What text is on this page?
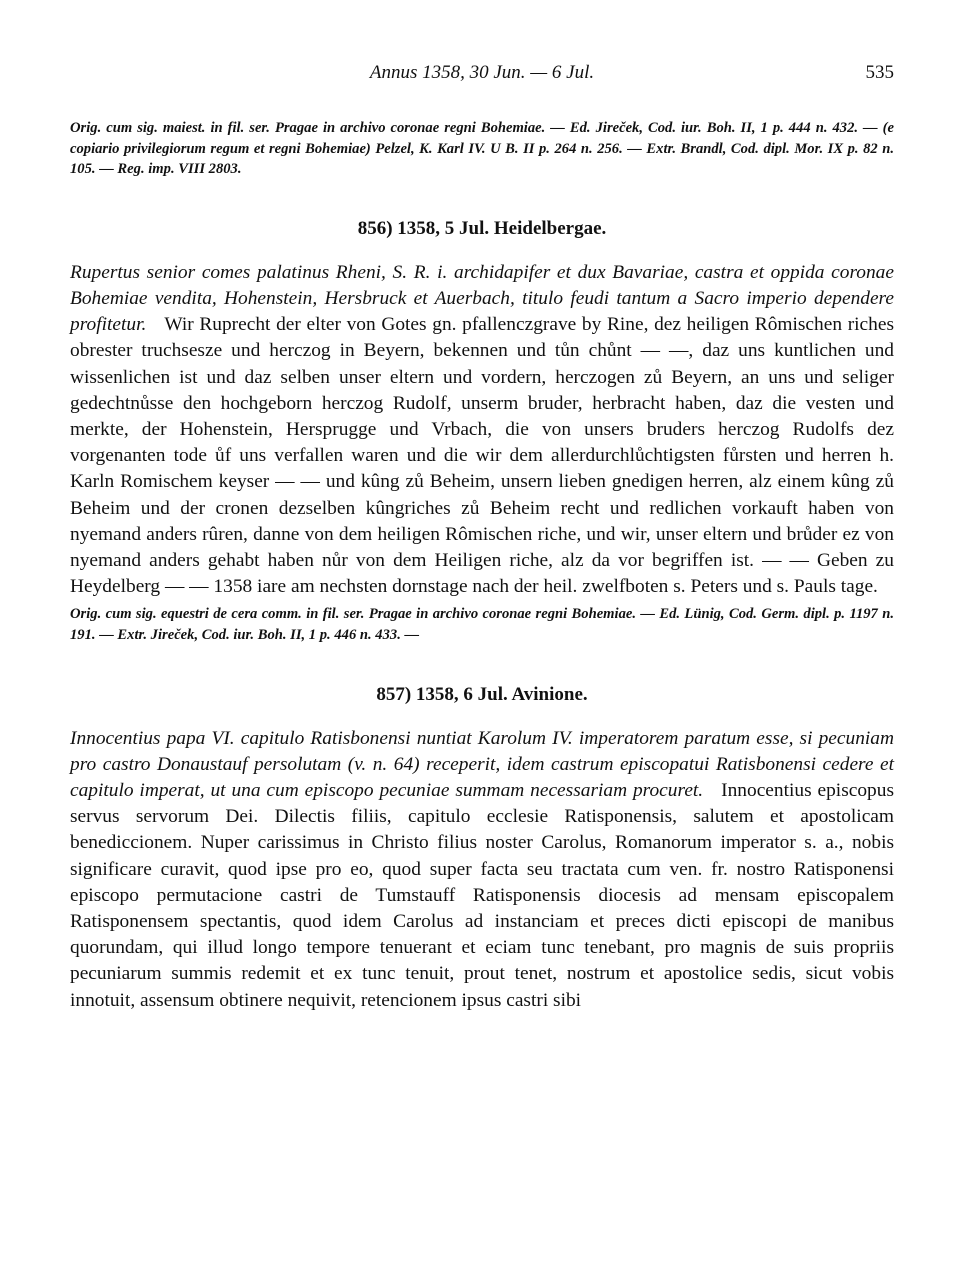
Annus 1358, 30 Jun. — 6 Jul.	535

Orig. cum sig. maiest. in fil. ser. Pragae in archivo coronae regni Bohemiae. — Ed. Jireček, Cod. iur. Boh. II, 1 p. 444 n. 432. — (e copiario privilegiorum regum et regni Bohemiae) Pelzel, K. Karl IV. U B. II p. 264 n. 256. — Extr. Brandl, Cod. dipl. Mor. IX p. 82 n. 105. — Reg. imp. VIII 2803.

856) 1358, 5 Jul. Heidelbergae.
Rupertus senior comes palatinus Rheni, S. R. i. archidapifer et dux Bavariae, castra et oppida coronae Bohemiae vendita, Hohenstein, Hersbruck et Auerbach, titulo feudi tantum a Sacro imperio dependere profitetur. Wir Ruprecht der elter von Gotes gn. pfallenczgrave by Rine, dez heiligen Rômischen riches obrester truchsesze und herczog in Beyern, bekennen und tůn chůnt — —, daz uns kuntlichen und wissenlichen ist und daz selben unser eltern und vordern, herczogen zů Beyern, an uns und seliger gedechtnůsse den hochgeborn herczog Rudolf, unserm bruder, herbracht haben, daz die vesten und merkte, der Hohenstein, Hersprugge und Vrbach, die von unsers bruders herczog Rudolfs dez vorgenanten tode ůf uns verfallen waren und die wir dem allerdurchlůchtigsten fůrsten und herren h. Karln Romischem keyser — — und kûng zů Beheim, unsern lieben gnedigen herren, alz einem kûng zů Beheim und der cronen dezselben kûngriches zů Beheim recht und redlichen vorkauft haben von nyemand anders rûren, danne von dem heiligen Rômischen riche, und wir, unser eltern und brůder ez von nyemand anders gehabt haben nůr von dem Heiligen riche, alz da vor begriffen ist. — — Geben zu Heydelberg — — 1358 iare am nechsten dornstage nach der heil. zwelfboten s. Peters und s. Pauls tage.

Orig. cum sig. equestri de cera comm. in fil. ser. Pragae in archivo coronae regni Bohemiae. — Ed. Lünig, Cod. Germ. dipl. p. 1197 n. 191. — Extr. Jireček, Cod. iur. Boh. II, 1 p. 446 n. 433. —

857) 1358, 6 Jul. Avinione.
Innocentius papa VI. capitulo Ratisbonensi nuntiat Karolum IV. imperatorem paratum esse, si pecuniam pro castro Donaustauf persolutam (v. n. 64) receperit, idem castrum episcopatui Ratisbonensi cedere et capitulo imperat, ut una cum episcopo pecuniae summam necessariam procuret. Innocentius episcopus servus servorum Dei. Dilectis filiis, capitulo ecclesie Ratisponensis, salutem et apostolicam benediccionem. Nuper carissimus in Christo filius noster Carolus, Romanorum imperator s. a., nobis significare curavit, quod ipse pro eo, quod super facta seu tractata cum ven. fr. nostro Ratisponensi episcopo permutacione castri de Tumstauff Ratisponensis diocesis ad mensam episcopalem Ratisponensem spectantis, quod idem Carolus ad instanciam et preces dicti episcopi de manibus quorundam, qui illud longo tempore tenuerant et eciam tunc tenebant, pro magnis de suis propriis pecuniarum summis redemit et ex tunc tenuit, prout tenet, nostrum et apostolice sedis, sicut vobis innotuit, assensum obtinere nequivit, retencionem ipsus castri sibi
